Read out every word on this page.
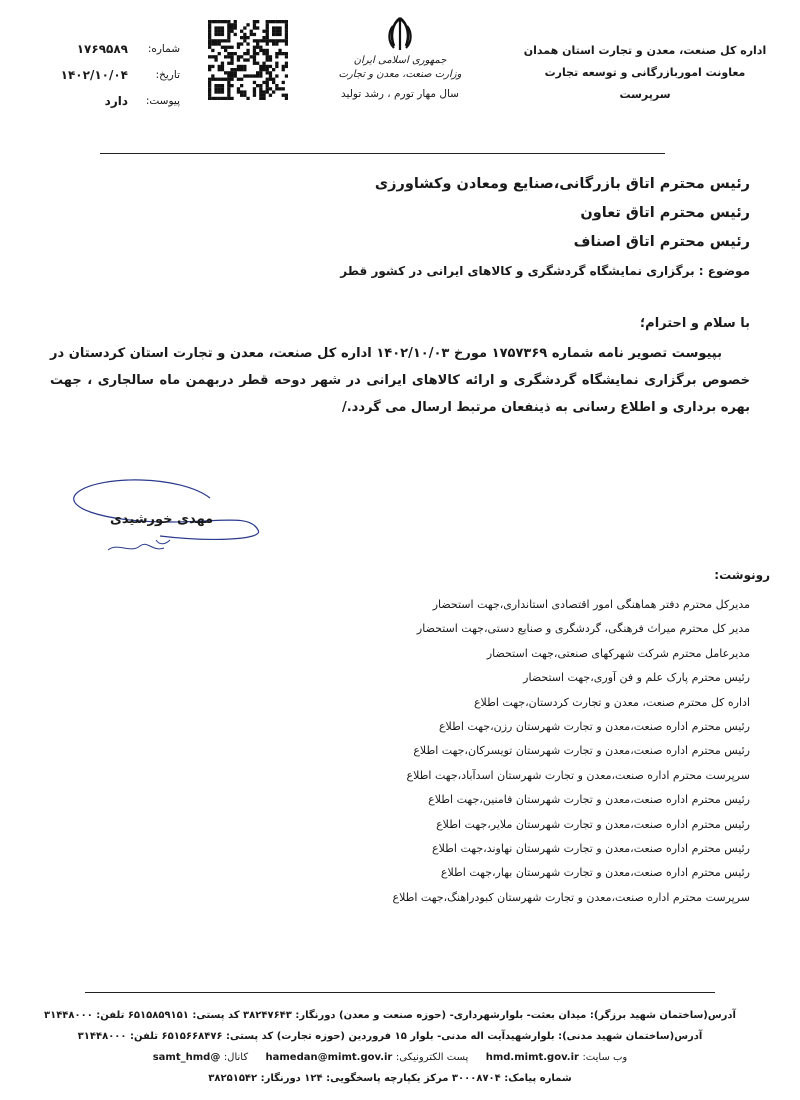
اداره کل صنعت، معدن و تجارت استان همدان
معاونت اموربازرگانی و توسعه تجارت
سرپرست
جمهوری اسلامی ایران
وزارت صنعت، معدن و تجارت
سال مهار تورم ، رشد تولید
شماره:
۱۷۶۹۵۸۹
تاریخ:
۱۴۰۲/۱۰/۰۴
پیوست:
دارد
رئیس محترم اتاق بازرگانی،صنایع ومعادن وکشاورزی
رئیس محترم اتاق تعاون
رئیس محترم اتاق اصناف
موضوع : برگزاری نمایشگاه گردشگری و کالاهای ایرانی در کشور قطر
با سلام و احترام؛
بپیوست تصویر نامه شماره ۱۷۵۷۳۶۹ مورخ ۱۴۰۲/۱۰/۰۳ اداره کل صنعت، معدن و تجارت استان کردستان در خصوص برگزاری نمایشگاه گردشگری و ارائه کالاهای ایرانی در شهر دوحه قطر دربهمن ماه سالجاری ، جهت بهره برداری و اطلاع رسانی به ذینفعان مرتبط ارسال می گردد./
مهدی خورشیدی
رونوشت:
مدیرکل محترم دفتر هماهنگی امور اقتصادی استانداری،جهت استحضار
مدیر کل محترم میراث فرهنگی، گردشگری و صنایع دستی،جهت استحضار
مدیرعامل محترم شرکت شهرکهای صنعتی،جهت استحضار
رئیس محترم پارک علم و فن آوری،جهت استحضار
اداره کل محترم صنعت، معدن و تجارت کردستان،جهت اطلاع
رئیس محترم اداره صنعت،معدن و تجارت شهرستان رزن،جهت اطلاع
رئیس محترم اداره صنعت،معدن و تجارت شهرستان تویسرکان،جهت اطلاع
سرپرست محترم اداره صنعت،معدن و تجارت شهرستان اسدآباد،جهت اطلاع
رئیس محترم اداره صنعت،معدن و تجارت شهرستان فامنین،جهت اطلاع
رئیس محترم اداره صنعت،معدن و تجارت شهرستان ملایر،جهت اطلاع
رئیس محترم اداره صنعت،معدن و تجارت شهرستان نهاوند،جهت اطلاع
رئیس محترم اداره صنعت،معدن و تجارت شهرستان بهار،جهت اطلاع
سرپرست محترم اداره صنعت،معدن و تجارت شهرستان کبودراهنگ،جهت اطلاع
آدرس(ساختمان شهید برزگر): میدان بعثت- بلوارشهرداری- (حوزه صنعت و معدن) دورنگار: ۳۸۲۴۷۶۴۳ کد پستی: ۶۵۱۵۸۵۹۱۵۱ تلفن: ۳۱۴۴۸۰۰۰
آدرس(ساختمان شهید مدنی): بلوارشهیدآیت اله مدنی- بلوار ۱۵ فروردین (حوزه تجارت) کد پستی: ۶۵۱۵۶۶۸۴۷۶ تلفن: ۳۱۴۴۸۰۰۰
وب سایت: hmd.mimt.gov.ir     پست الکترونیکی: hamedan@mimt.gov.ir     کانال: @samt_hmd
شماره پیامک: ۳۰۰۰۸۷۰۴ مرکز یکپارچه پاسخگویی: ۱۲۴ دورنگار: ۳۸۲۵۱۵۴۲
